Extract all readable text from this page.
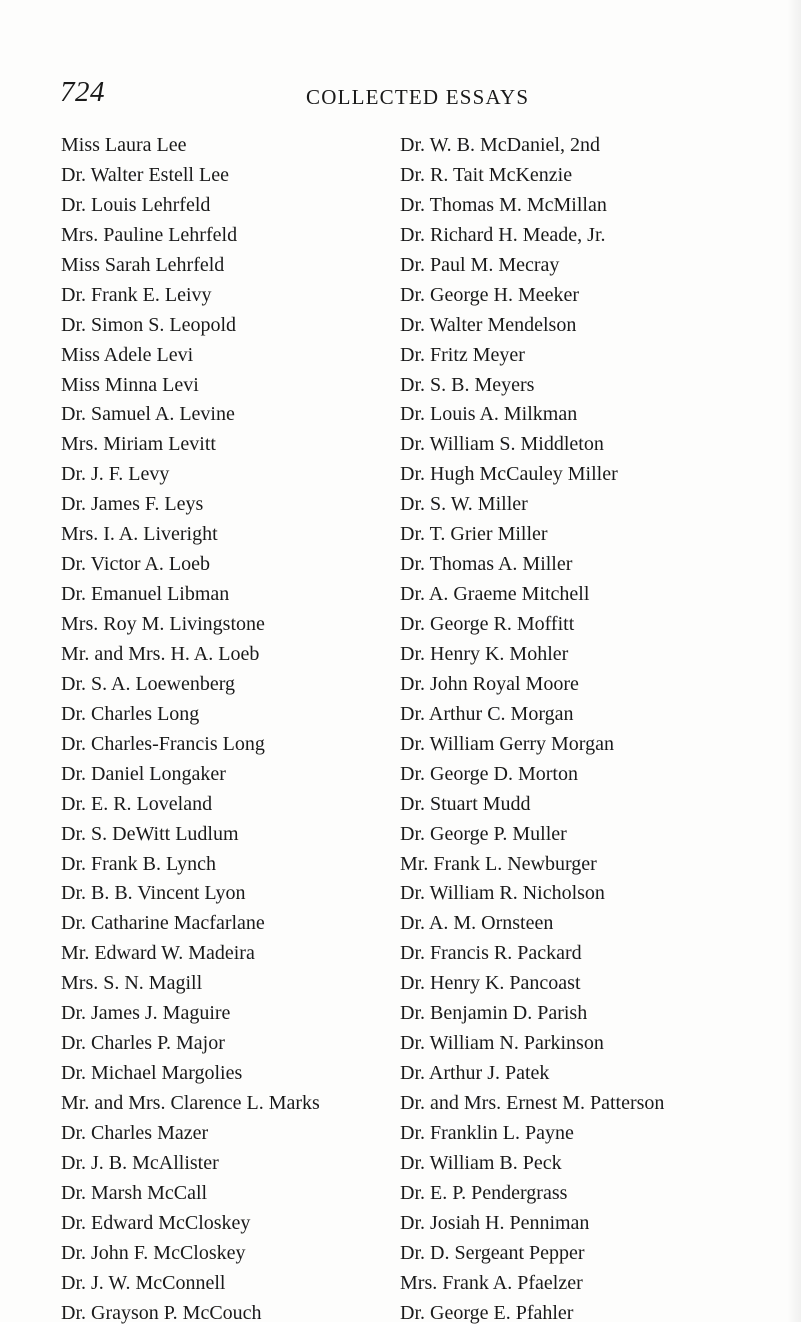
724	COLLECTED ESSAYS
Miss Laura Lee
Dr. Walter Estell Lee
Dr. Louis Lehrfeld
Mrs. Pauline Lehrfeld
Miss Sarah Lehrfeld
Dr. Frank E. Leivy
Dr. Simon S. Leopold
Miss Adele Levi
Miss Minna Levi
Dr. Samuel A. Levine
Mrs. Miriam Levitt
Dr. J. F. Levy
Dr. James F. Leys
Mrs. I. A. Liveright
Dr. Victor A. Loeb
Dr. Emanuel Libman
Mrs. Roy M. Livingstone
Mr. and Mrs. H. A. Loeb
Dr. S. A. Loewenberg
Dr. Charles Long
Dr. Charles-Francis Long
Dr. Daniel Longaker
Dr. E. R. Loveland
Dr. S. DeWitt Ludlum
Dr. Frank B. Lynch
Dr. B. B. Vincent Lyon
Dr. Catharine Macfarlane
Mr. Edward W. Madeira
Mrs. S. N. Magill
Dr. James J. Maguire
Dr. Charles P. Major
Dr. Michael Margolies
Mr. and Mrs. Clarence L. Marks
Dr. Charles Mazer
Dr. J. B. McAllister
Dr. Marsh McCall
Dr. Edward McCloskey
Dr. John F. McCloskey
Dr. J. W. McConnell
Dr. Grayson P. McCouch
Dr. W. B. McDaniel, 2nd
Dr. R. Tait McKenzie
Dr. Thomas M. McMillan
Dr. Richard H. Meade, Jr.
Dr. Paul M. Mecray
Dr. George H. Meeker
Dr. Walter Mendelson
Dr. Fritz Meyer
Dr. S. B. Meyers
Dr. Louis A. Milkman
Dr. William S. Middleton
Dr. Hugh McCauley Miller
Dr. S. W. Miller
Dr. T. Grier Miller
Dr. Thomas A. Miller
Dr. A. Graeme Mitchell
Dr. George R. Moffitt
Dr. Henry K. Mohler
Dr. John Royal Moore
Dr. Arthur C. Morgan
Dr. William Gerry Morgan
Dr. George D. Morton
Dr. Stuart Mudd
Dr. George P. Muller
Mr. Frank L. Newburger
Dr. William R. Nicholson
Dr. A. M. Ornsteen
Dr. Francis R. Packard
Dr. Henry K. Pancoast
Dr. Benjamin D. Parish
Dr. William N. Parkinson
Dr. Arthur J. Patek
Dr. and Mrs. Ernest M. Patterson
Dr. Franklin L. Payne
Dr. William B. Peck
Dr. E. P. Pendergrass
Dr. Josiah H. Penniman
Dr. D. Sergeant Pepper
Mrs. Frank A. Pfaelzer
Dr. George E. Pfahler
